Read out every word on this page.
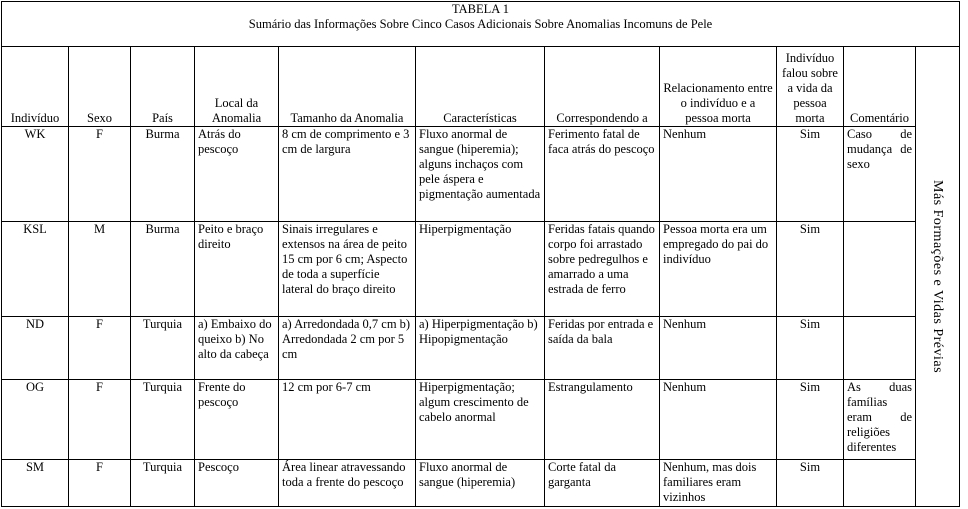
TABELA 1
Sumário das Informações Sobre Cinco Casos Adicionais Sobre Anomalias Incomuns de Pele										

Indivíduo	Sexo	País	Local da Anomalia	Tamanho da Anomalia	Características	Correspondendo a	Relacionamento entre o indivíduo e a pessoa morta	Indivíduo falou sobre a vida da pessoa morta	Comentário	Más Formações e Vidas Prévias

WK	F	Burma	Atrás do pescoço	8 cm de comprimento e 3 cm de largura	Fluxo anormal de sangue (hiperemia); alguns inchaços com pele áspera e pigmentação aumentada	Ferimento fatal de faca atrás do pescoço	Nenhum	Sim	Caso de mudança de sexo	
KSL	M	Burma	Peito e braço direito	Sinais irregulares e extensos na área de peito 15 cm por 6 cm; Aspecto de toda a superfície lateral do braço direito	Hiperpigmentação	Feridas fatais quando corpo foi arrastado sobre pedregulhos e amarrado a uma estrada de ferro	Pessoa morta era um empregado do pai do indivíduo	Sim		
ND	F	Turquia	a) Embaixo do queixo b) No alto da cabeça	a) Arredondada 0,7 cm b) Arredondada 2 cm por 5 cm	a) Hiperpigmentação b) Hipopigmentação	Feridas por entrada e saída da bala	Nenhum	Sim		
OG	F	Turquia	Frente do pescoço	12 cm por 6-7 cm	Hiperpigmentação; algum crescimento de cabelo anormal	Estrangulamento	Nenhum	Sim	As duas famílias eram de religiões diferentes	
SM	F	Turquia	Pescoço	Área linear atravessando toda a frente do pescoço	Fluxo anormal de sangue (hiperemia)	Corte fatal da garganta	Nenhum, mas dois familiares eram vizinhos	Sim		
